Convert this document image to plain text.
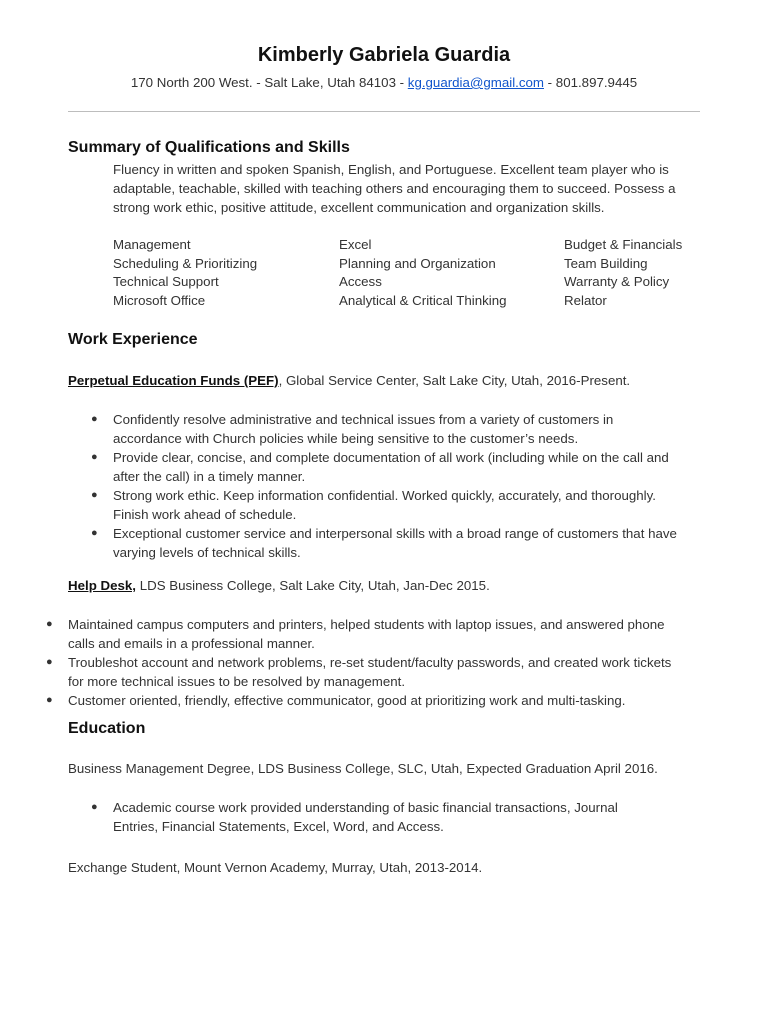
Kimberly Gabriela Guardia
170 North 200 West. - Salt Lake, Utah 84103 - kg.guardia@gmail.com - 801.897.9445
Summary of Qualifications and Skills
Fluency in written and spoken Spanish, English, and Portuguese. Excellent team player who is
adaptable, teachable, skilled with teaching others and encouraging them to succeed. Possess a
strong work ethic, positive attitude, excellent communication and organization skills.
Management
Scheduling & Prioritizing
Technical Support
Microsoft Office
Excel
Planning and Organization
Access
Analytical & Critical Thinking
Budget & Financials
Team Building
Warranty & Policy
Relator
Work Experience
Perpetual Education Funds (PEF), Global Service Center, Salt Lake City, Utah, 2016-Present.
● Confidently resolve administrative and technical issues from a variety of customers in
accordance with Church policies while being sensitive to the customer’s needs.
● Provide clear, concise, and complete documentation of all work (including while on the call and
after the call) in a timely manner.
● Strong work ethic. Keep information confidential. Worked quickly, accurately, and thoroughly.
Finish work ahead of schedule.
● Exceptional customer service and interpersonal skills with a broad range of customers that have
varying levels of technical skills.
Help Desk, LDS Business College, Salt Lake City, Utah, Jan-Dec 2015.
● Maintained campus computers and printers, helped students with laptop issues, and answered phone
calls and emails in a professional manner.
● Troubleshot account and network problems, re-set student/faculty passwords, and created work tickets
for more technical issues to be resolved by management.
● Customer oriented, friendly, effective communicator, good at prioritizing work and multi-tasking.
Education
Business Management Degree, LDS Business College, SLC, Utah, Expected Graduation April 2016.
● Academic course work provided understanding of basic financial transactions, Journal
Entries, Financial Statements, Excel, Word, and Access.
Exchange Student, Mount Vernon Academy, Murray, Utah, 2013-2014.
